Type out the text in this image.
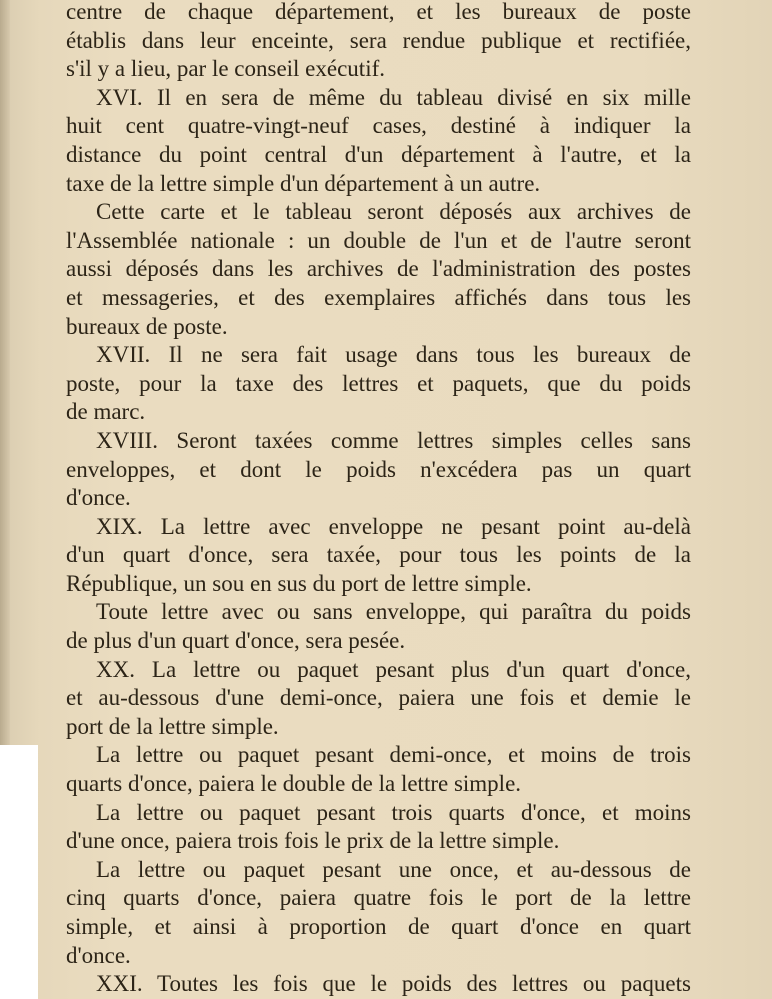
centre de chaque département, et les bureaux de poste
établis dans leur enceinte, sera rendue publique et rectifiée,
s'il y a lieu, par le conseil exécutif.
XVI. Il en sera de même du tableau divisé en six mille
huit cent quatre-vingt-neuf cases, destiné à indiquer la
distance du point central d'un département à l'autre, et la
taxe de la lettre simple d'un département à un autre.
Cette carte et le tableau seront déposés aux archives de
l'Assemblée nationale : un double de l'un et de l'autre seront
aussi déposés dans les archives de l'administration des postes
et messageries, et des exemplaires affichés dans tous les
bureaux de poste.
XVII. Il ne sera fait usage dans tous les bureaux de
poste, pour la taxe des lettres et paquets, que du poids
de marc.
XVIII. Seront taxées comme lettres simples celles sans
enveloppes, et dont le poids n'excédera pas un quart
d'once.
XIX. La lettre avec enveloppe ne pesant point au-delà
d'un quart d'once, sera taxée, pour tous les points de la
République, un sou en sus du port de lettre simple.
Toute lettre avec ou sans enveloppe, qui paraîtra du poids
de plus d'un quart d'once, sera pesée.
XX. La lettre ou paquet pesant plus d'un quart d'once,
et au-dessous d'une demi-once, paiera une fois et demie le
port de la lettre simple.
La lettre ou paquet pesant demi-once, et moins de trois
quarts d'once, paiera le double de la lettre simple.
La lettre ou paquet pesant trois quarts d'once, et moins
d'une once, paiera trois fois le prix de la lettre simple.
La lettre ou paquet pesant une once, et au-dessous de
cinq quarts d'once, paiera quatre fois le port de la lettre
simple, et ainsi à proportion de quart d'once en quart
d'once.
XXI. Toutes les fois que le poids des lettres ou paquets
